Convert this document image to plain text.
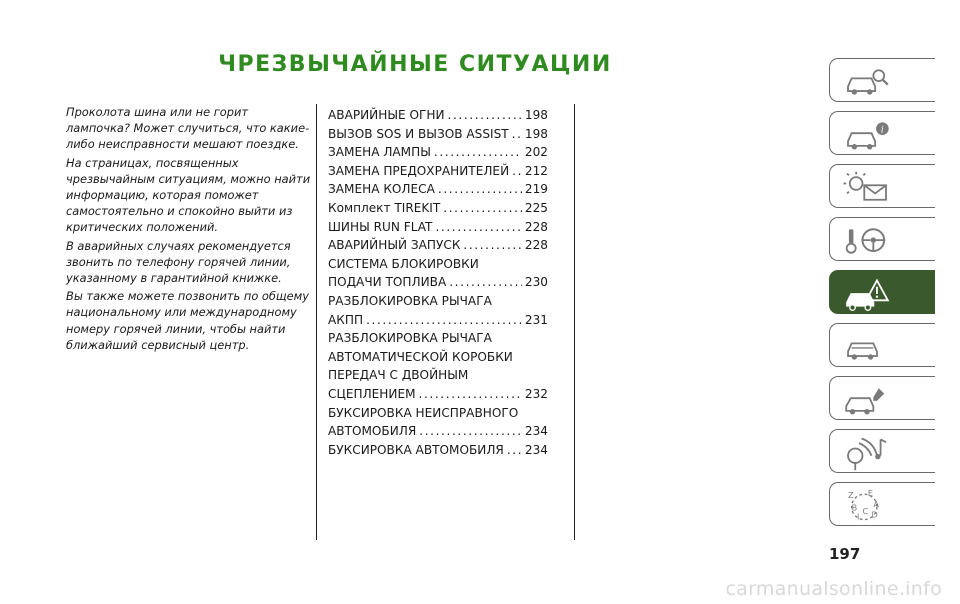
ЧРЕЗВЫЧАЙНЫЕ СИТУАЦИИ

Проколота шина или не горит лампочка? Может случиться, что какие-либо неисправности мешают поездке.

На страницах, посвященных чрезвычайным ситуациям, можно найти информацию, которая поможет самостоятельно и спокойно выйти из критических положений.

В аварийных случаях рекомендуется звонить по телефону горячей линии, указанному в гарантийной книжке.

Вы также можете позвонить по общему национальному или международному номеру горячей линии, чтобы найти ближайший сервисный центр.

АВАРИЙНЫЕ ОГНИ .....	198
ВЫЗОВ SOS И ВЫЗОВ ASSIST ..... 198
ЗАМЕНА ЛАМПЫ .....	202
ЗАМЕНА ПРЕДОХРАНИТЕЛЕЙ ..... 212
ЗАМЕНА КОЛЕСА .....	219
Комплект TIREKIT .....	225
ШИНЫ RUN FLAT .....	228
АВАРИЙНЫЙ ЗАПУСК .....	228
СИСТЕМА БЛОКИРОВКИ
ПОДАЧИ ТОПЛИВА .....	230
РАЗБЛОКИРОВКА РЫЧАГА
АКПП .....	231
РАЗБЛОКИРОВКА РЫЧАГА
АВТОМАТИЧЕСКОЙ КОРОБКИ
ПЕРЕДАЧ С ДВОЙНЫМ
СЦЕПЛЕНИЕМ .....	232
БУКСИРОВКА НЕИСПРАВНОГО
АВТОМОБИЛЯ .....	234
БУКСИРОВКА АВТОМОБИЛЯ ..... 234
i
Z E
B A
C D
I
197
carmanualsonline.info
